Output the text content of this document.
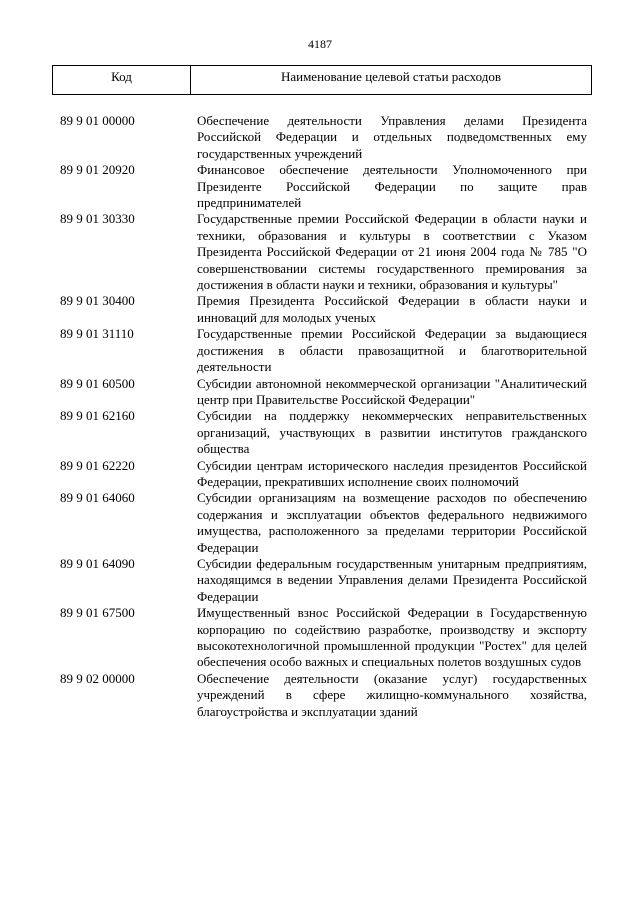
4187
Код	Наименование целевой статьи расходов
89 9 01 00000	Обеспечение деятельности Управления делами Президента Российской Федерации и отдельных подведомственных ему государственных учреждений
89 9 01 20920	Финансовое обеспечение деятельности Уполномоченного при Президенте Российской Федерации по защите прав предпринимателей
89 9 01 30330	Государственные премии Российской Федерации в области науки и техники, образования и культуры в соответствии с Указом Президента Российской Федерации от 21 июня 2004 года № 785 "О совершенствовании системы государственного премирования за достижения в области науки и техники, образования и культуры"
89 9 01 30400	Премия Президента Российской Федерации в области науки и инноваций для молодых ученых
89 9 01 31110	Государственные премии Российской Федерации за выдающиеся достижения в области правозащитной и благотворительной деятельности
89 9 01 60500	Субсидии автономной некоммерческой организации "Аналитический центр при Правительстве Российской Федерации"
89 9 01 62160	Субсидии на поддержку некоммерческих неправительственных организаций, участвующих в развитии институтов гражданского общества
89 9 01 62220	Субсидии центрам исторического наследия президентов Российской Федерации, прекративших исполнение своих полномочий
89 9 01 64060	Субсидии организациям на возмещение расходов по обеспечению содержания и эксплуатации объектов федерального недвижимого имущества, расположенного за пределами территории Российской Федерации
89 9 01 64090	Субсидии федеральным государственным унитарным предприятиям, находящимся в ведении Управления делами Президента Российской Федерации
89 9 01 67500	Имущественный взнос Российской Федерации в Государственную корпорацию по содействию разработке, производству и экспорту высокотехнологичной промышленной продукции "Ростех" для целей обеспечения особо важных и специальных полетов воздушных судов
89 9 02 00000	Обеспечение деятельности (оказание услуг) государственных учреждений в сфере жилищно-коммунального хозяйства, благоустройства и эксплуатации зданий
